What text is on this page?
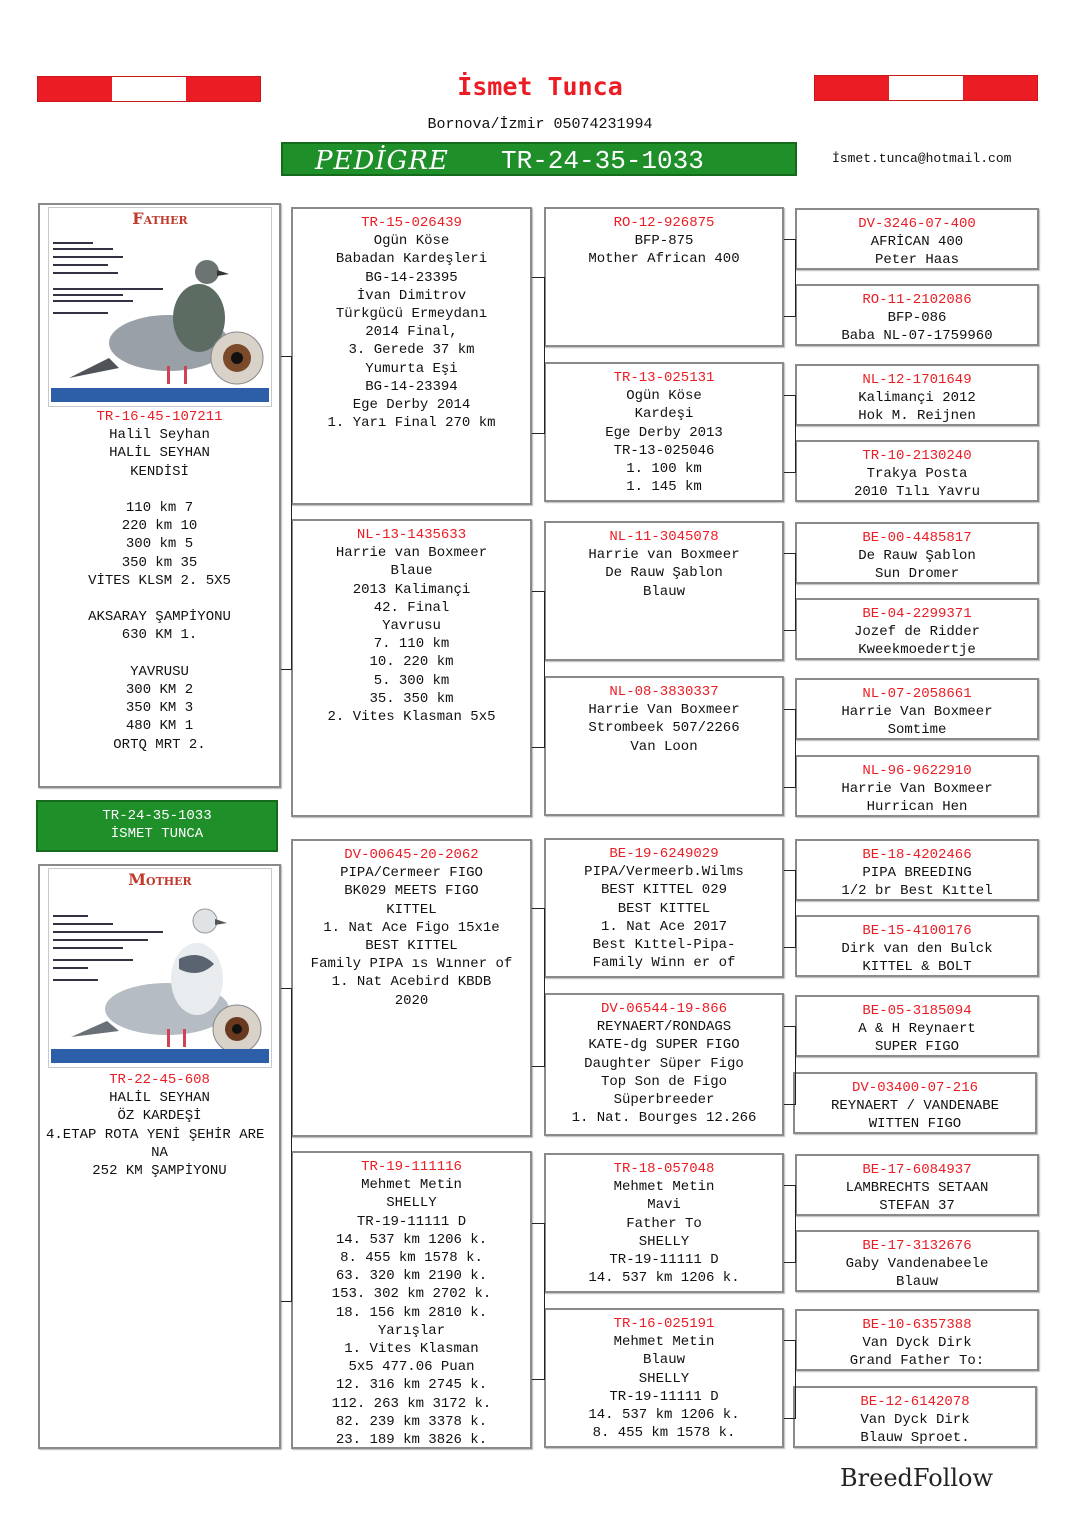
İsmet Tunca
Bornova/İzmir 05074231994
PEDİGRE TR-24-35-1033	İsmet.tunca@hotmail.com
Father
TR-16-45-107211
Halil Seyhan
HALİL SEYHAN
KENDİSİ

110 km 7
220 km 10
300 km 5
350 km 35
VİTES KLSM 2. 5X5

AKSARAY ŞAMPİYONU
630 KM 1.

YAVRUSU
300 KM 2
350 KM 3
480 KM 1
ORTQ MRT 2.
TR-24-35-1033
İSMET TUNCA
Mother
TR-22-45-608
HALİL SEYHAN
ÖZ KARDEŞİ
4.ETAP ROTA YENİ ŞEHİR ARE
NA
252 KM ŞAMPİYONU
TR-15-026439
Ogün Köse
Babadan Kardeşleri
BG-14-23395
İvan Dimitrov
Türkgücü Ermeydanı
2014 Final,
3. Gerede 37 km
Yumurta Eşi
BG-14-23394
Ege Derby 2014
1. Yarı Final 270 km
NL-13-1435633
Harrie van Boxmeer
Blaue
2013 Kalimançi
42. Final
Yavrusu
7. 110 km
10. 220 km
5. 300 km
35. 350 km
2. Vites Klasman 5x5
DV-00645-20-2062
PIPA/Cermeer FIGO
BK029 MEETS FIGO
KITTEL
1. Nat Ace Figo 15x1e
BEST KITTEL
Family PIPA ıs Wınner of
1. Nat Acebird KBDB
2020
TR-19-111116
Mehmet Metin
SHELLY
TR-19-11111 D
14. 537 km 1206 k.
8. 455 km 1578 k.
63. 320 km 2190 k.
153. 302 km 2702 k.
18. 156 km 2810 k.
Yarışlar
1. Vites Klasman
5x5 477.06 Puan
12. 316 km 2745 k.
112. 263 km 3172 k.
82. 239 km 3378 k.
23. 189 km 3826 k.
RO-12-926875
BFP-875
Mother African 400
TR-13-025131
Ogün Köse
Kardeşi
Ege Derby 2013
TR-13-025046
1. 100 km
1. 145 km
NL-11-3045078
Harrie van Boxmeer
De Rauw Şablon
Blauw
NL-08-3830337
Harrie Van Boxmeer
Strombeek 507/2266
Van Loon
BE-19-6249029
PIPA/Vermeerb.Wilms
BEST KITTEL 029
BEST KITTEL
1. Nat Ace 2017
Best Kıttel-Pipa-
Family Winn er of
DV-06544-19-866
REYNAERT/RONDAGS
KATE-dg SUPER FIGO
Daughter Süper Figo
Top Son de Figo
Süperbreeder
1. Nat. Bourges 12.266
TR-18-057048
Mehmet Metin
Mavi
Father To
SHELLY
TR-19-11111 D
14. 537 km 1206 k.
TR-16-025191
Mehmet Metin
Blauw
SHELLY
TR-19-11111 D
14. 537 km 1206 k.
8. 455 km 1578 k.
DV-3246-07-400
AFRİCAN 400
Peter Haas
RO-11-2102086
BFP-086
Baba NL-07-1759960
NL-12-1701649
Kalimançi 2012
Hok M. Reijnen
TR-10-2130240
Trakya Posta
2010 Tılı Yavru
BE-00-4485817
De Rauw Şablon
Sun Dromer
BE-04-2299371
Jozef de Ridder
Kweekmoedertje
NL-07-2058661
Harrie Van Boxmeer
Somtime
NL-96-9622910
Harrie Van Boxmeer
Hurrican Hen
BE-18-4202466
PIPA BREEDING
1/2 br Best Kıttel
BE-15-4100176
Dirk van den Bulck
KITTEL & BOLT
BE-05-3185094
A & H Reynaert
SUPER FIGO
DV-03400-07-216
REYNAERT / VANDENABE
WITTEN FIGO
BE-17-6084937
LAMBRECHTS SETAAN
STEFAN 37
BE-17-3132676
Gaby Vandenabeele
Blauw
BE-10-6357388
Van Dyck Dirk
Grand Father To:
BE-12-6142078
Van Dyck Dirk
Blauw Sproet.
BreedFollow
